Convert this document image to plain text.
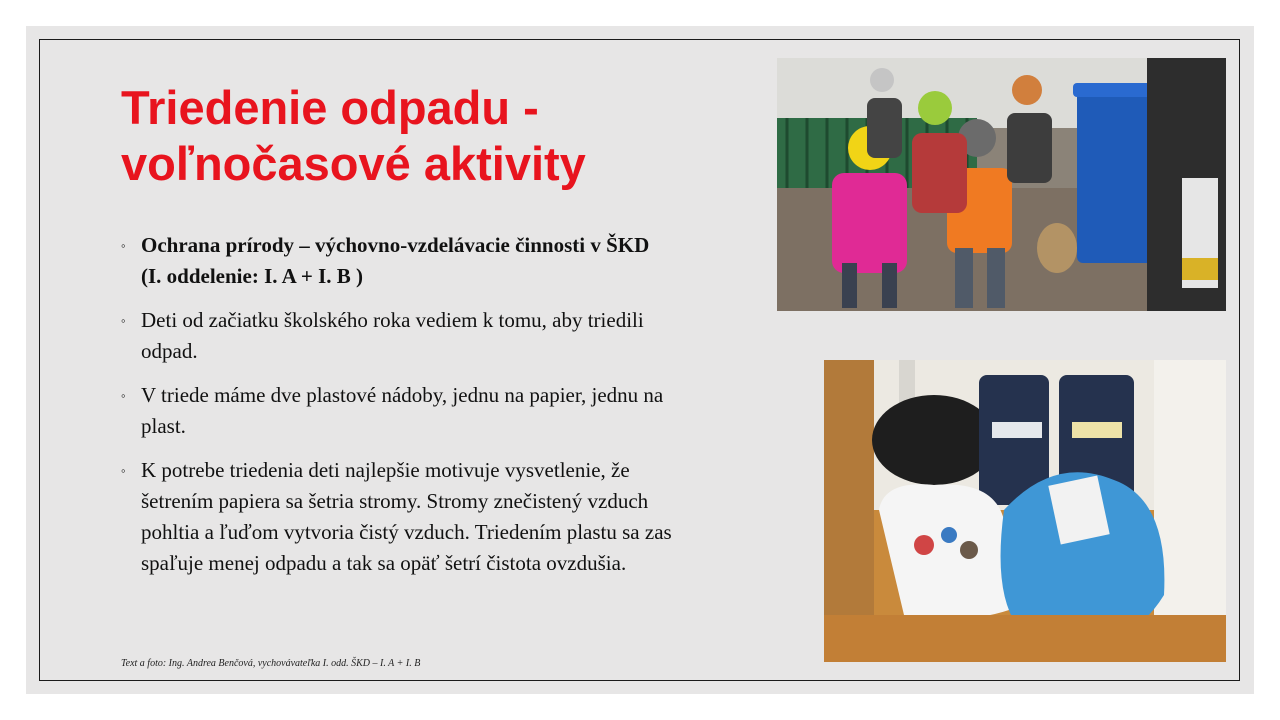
Triedenie odpadu -
voľnočasové aktivity
◦ Ochrana prírody – výchovno-vzdelávacie činnosti v ŠKD
(I. oddelenie: I. A + I. B )
◦ Deti od začiatku školského roka vediem k tomu, aby triedili
odpad.
◦ V triede máme dve plastové nádoby, jednu na papier, jednu na
plast.
◦ K potrebe triedenia deti najlepšie motivuje vysvetlenie, že
šetrením papiera sa šetria stromy. Stromy znečistený vzduch
pohltia a ľuďom vytvoria čistý vzduch. Triedením plastu sa zas
spaľuje menej odpadu a tak sa opäť šetrí čistota ovzdušia.
Text a foto: Ing. Andrea Benčová, vychovávateľka I. odd. ŠKD – I. A + I. B
